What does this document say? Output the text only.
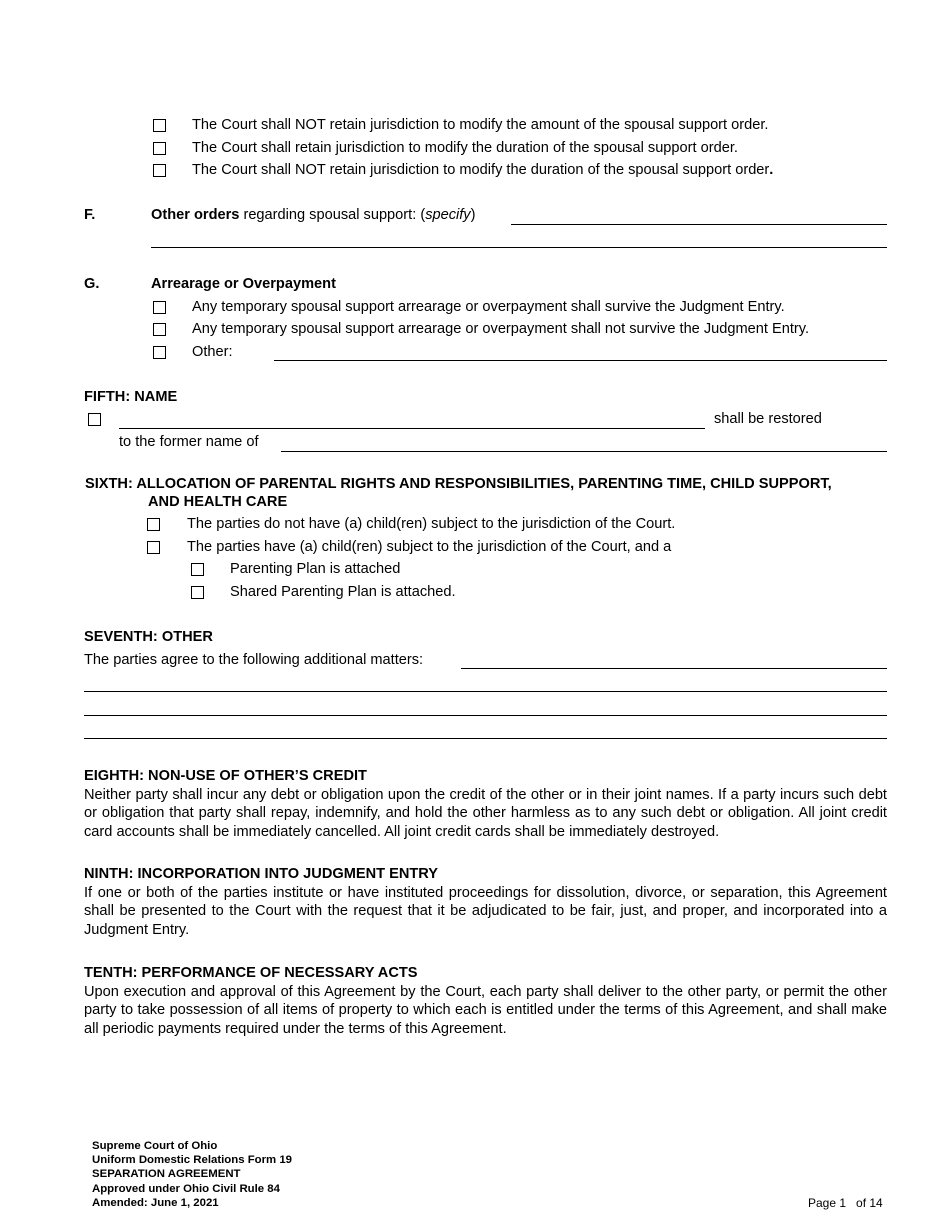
The Court shall NOT retain jurisdiction to modify the amount of the spousal support order.
The Court shall retain jurisdiction to modify the duration of the spousal support order.
The Court shall NOT retain jurisdiction to modify the duration of the spousal support order.
F.	Other orders regarding spousal support: (specify)
G.	Arrearage or Overpayment
Any temporary spousal support arrearage or overpayment shall survive the Judgment Entry.
Any temporary spousal support arrearage or overpayment shall not survive the Judgment Entry.
Other:
FIFTH: NAME
shall be restored
to the former name of
SIXTH: ALLOCATION OF PARENTAL RIGHTS AND RESPONSIBILITIES, PARENTING TIME, CHILD SUPPORT,
AND HEALTH CARE
The parties do not have (a) child(ren) subject to the jurisdiction of the Court.
The parties have (a) child(ren) subject to the jurisdiction of the Court, and a
Parenting Plan is attached
Shared Parenting Plan is attached.
SEVENTH: OTHER
The parties agree to the following additional matters:
EIGHTH: NON-USE OF OTHER’S CREDIT
Neither party shall incur any debt or obligation upon the credit of the other or in their joint names. If a party incurs such debt or obligation that party shall repay, indemnify, and hold the other harmless as to any such debt or obligation. All joint credit card accounts shall be immediately cancelled. All joint credit cards shall be immediately destroyed.
NINTH: INCORPORATION INTO JUDGMENT ENTRY
If one or both of the parties institute or have instituted proceedings for dissolution, divorce, or separation, this Agreement shall be presented to the Court with the request that it be adjudicated to be fair, just, and proper, and incorporated into a Judgment Entry.
TENTH: PERFORMANCE OF NECESSARY ACTS
Upon execution and approval of this Agreement by the Court, each party shall deliver to the other party, or permit the other party to take possession of all items of property to which each is entitled under the terms of this Agreement, and shall make all periodic payments required under the terms of this Agreement.
Supreme Court of Ohio
Uniform Domestic Relations Form 19
SEPARATION AGREEMENT
Approved under Ohio Civil Rule 84
Amended: June 1, 2021	Page 1   of 14
